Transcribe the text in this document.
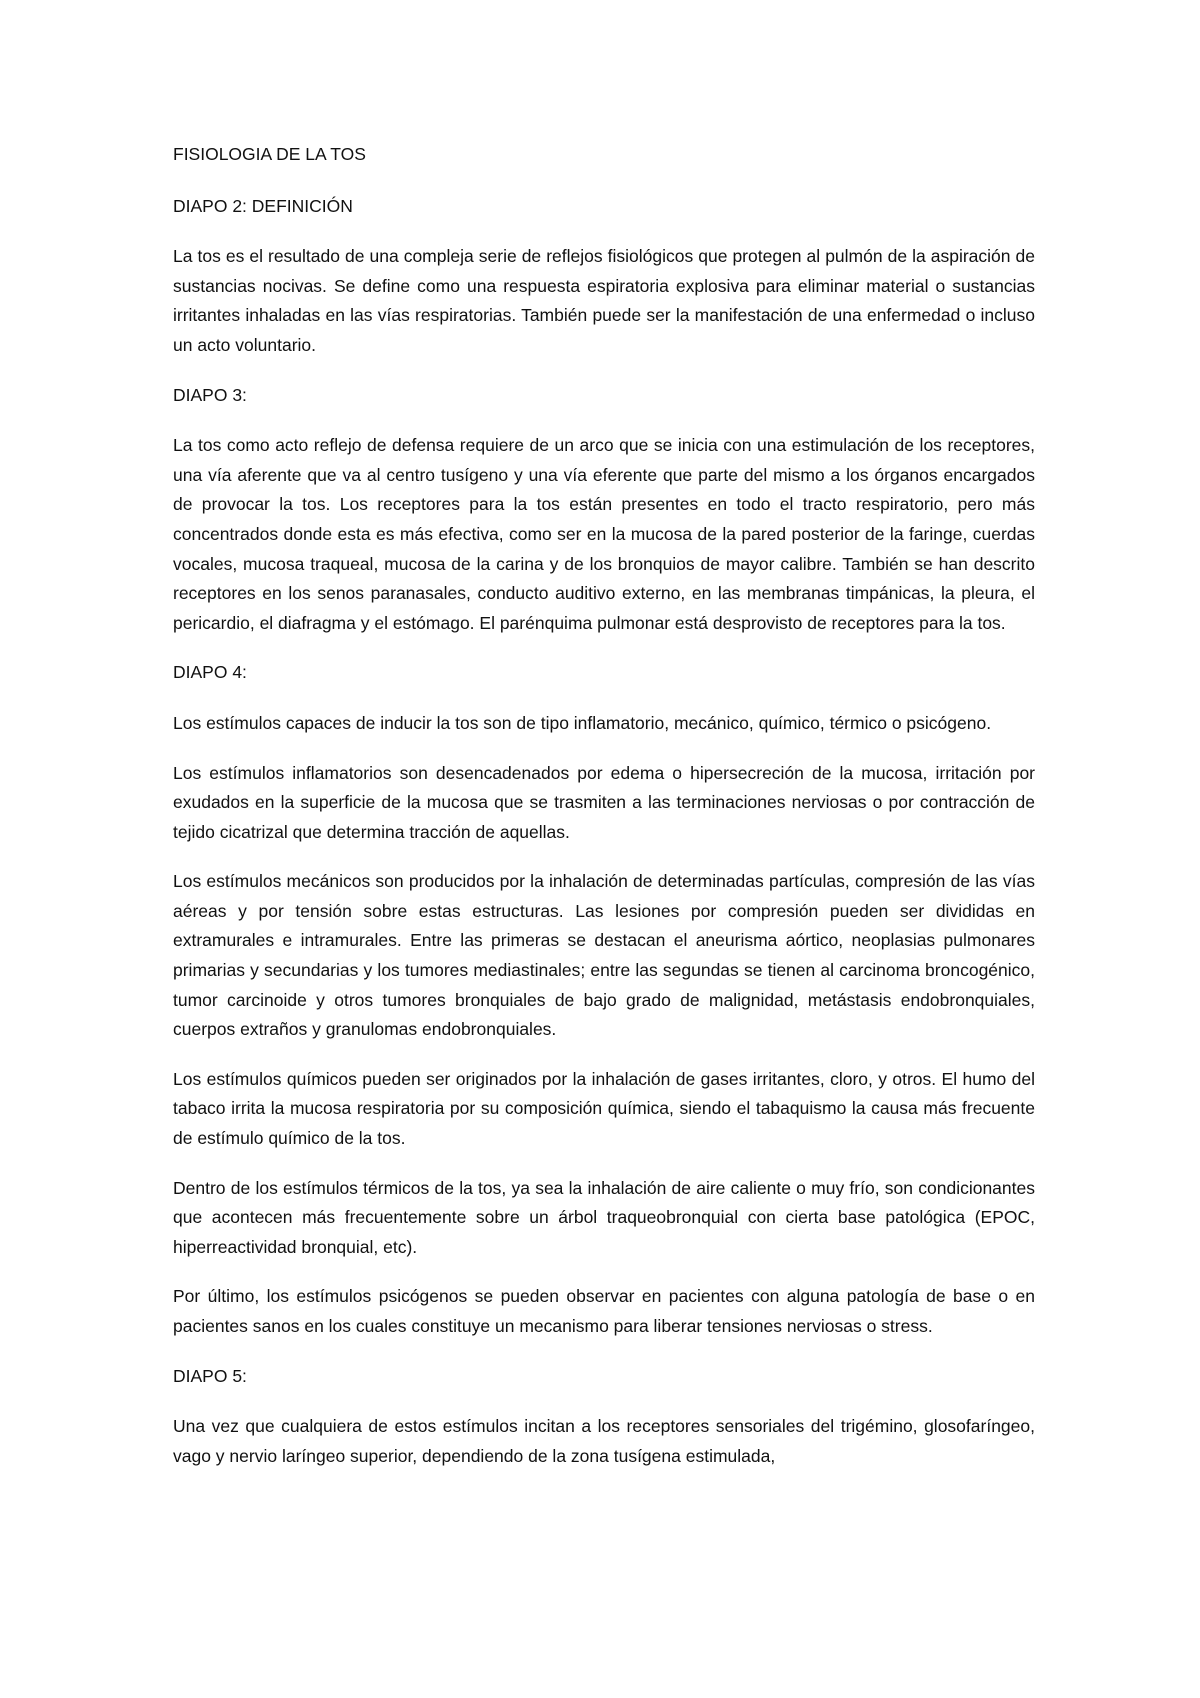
FISIOLOGIA DE LA TOS

DIAPO 2: DEFINICIÓN

La tos es el resultado de una compleja serie de reflejos fisiológicos que protegen al pulmón de la aspiración de sustancias nocivas. Se define como una respuesta espiratoria explosiva para eliminar material o sustancias irritantes inhaladas en las vías respiratorias. También puede ser la manifestación de una enfermedad o incluso un acto voluntario.

DIAPO 3:

La tos como acto reflejo de defensa requiere de un arco que se inicia con una estimulación de los receptores, una vía aferente que va al centro tusígeno y una vía eferente que parte del mismo a los órganos encargados de provocar la tos. Los receptores para la tos están presentes en todo el tracto respiratorio, pero más concentrados donde esta es más efectiva, como ser en la mucosa de la pared posterior de la faringe, cuerdas vocales, mucosa traqueal, mucosa de la carina y de los bronquios de mayor calibre. También se han descrito receptores en los senos paranasales, conducto auditivo externo, en las membranas timpánicas, la pleura, el pericardio, el diafragma y el estómago. El parénquima pulmonar está desprovisto de receptores para la tos.

DIAPO 4:

Los estímulos capaces de inducir la tos son de tipo inflamatorio, mecánico, químico, térmico o psicógeno.

Los estímulos inflamatorios son desencadenados por edema o hipersecreción de la mucosa, irritación por exudados en la superficie de la mucosa que se trasmiten a las terminaciones nerviosas o por contracción de tejido cicatrizal que determina tracción de aquellas.

Los estímulos mecánicos son producidos por la inhalación de determinadas partículas, compresión de las vías aéreas y por tensión sobre estas estructuras. Las lesiones por compresión pueden ser divididas en extramurales e intramurales. Entre las primeras se destacan el aneurisma aórtico, neoplasias pulmonares primarias y secundarias y los tumores mediastinales; entre las segundas se tienen al carcinoma broncogénico, tumor carcinoide y otros tumores bronquiales de bajo grado de malignidad, metástasis endobronquiales, cuerpos extraños y granulomas endobronquiales.

Los estímulos químicos pueden ser originados por la inhalación de gases irritantes, cloro, y otros. El humo del tabaco irrita la mucosa respiratoria por su composición química, siendo el tabaquismo la causa más frecuente de estímulo químico de la tos.

Dentro de los estímulos térmicos de la tos, ya sea la inhalación de aire caliente o muy frío, son condicionantes que acontecen más frecuentemente sobre un árbol traqueobronquial con cierta base patológica (EPOC, hiperreactividad bronquial, etc).

Por último, los estímulos psicógenos se pueden observar en pacientes con alguna patología de base o en pacientes sanos en los cuales constituye un mecanismo para liberar tensiones nerviosas o stress.

DIAPO 5:

Una vez que cualquiera de estos estímulos incitan a los receptores sensoriales del trigémino, glosofaríngeo, vago y nervio laríngeo superior, dependiendo de la zona tusígena estimulada,
